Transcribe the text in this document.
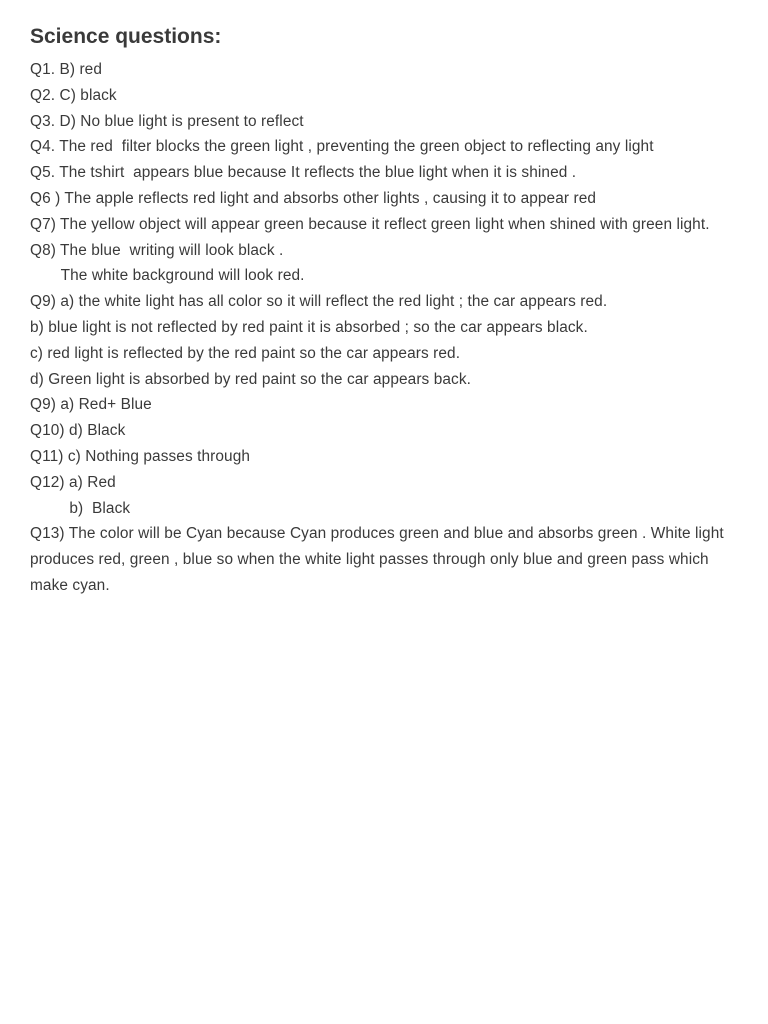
Science questions:
Q1. B) red
Q2. C) black
Q3. D) No blue light is present to reflect
Q4. The red  filter blocks the green light , preventing the green object to reflecting any light
Q5. The tshirt  appears blue because It reflects the blue light when it is shined .
Q6 ) The apple reflects red light and absorbs other lights , causing it to appear red
Q7) The yellow object will appear green because it reflect green light when shined with green light.
Q8) The blue  writing will look black .
The white background will look red.
Q9) a) the white light has all color so it will reflect the red light ; the car appears red.
b) blue light is not reflected by red paint it is absorbed ; so the car appears black.
c) red light is reflected by the red paint so the car appears red.
d) Green light is absorbed by red paint so the car appears back.
Q9) a) Red+ Blue
Q10) d) Black
Q11) c) Nothing passes through
Q12) a) Red
b)  Black
Q13) The color will be Cyan because Cyan produces green and blue and absorbs green . White light produces red, green , blue so when the white light passes through only blue and green pass which make cyan.
